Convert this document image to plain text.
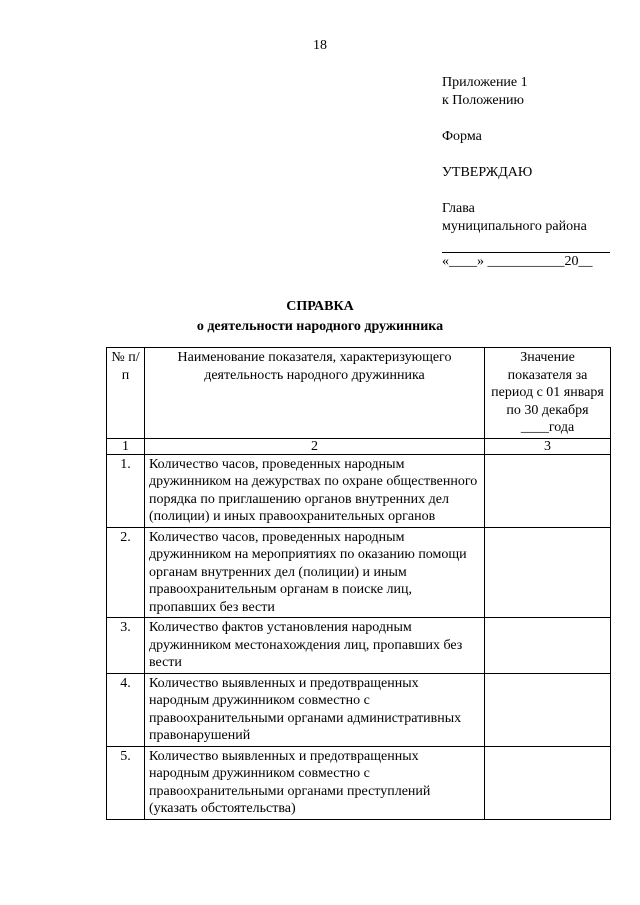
18
Приложение 1
к Положению
Форма
УТВЕРЖДАЮ
Глава
муниципального района
«____» ___________20__
СПРАВКА
о деятельности народного дружинника
№ п/п	Наименование показателя, характеризующего деятельность народного дружинника	Значение показателя за период с 01 января по 30 декабря ____года
1	2	3
1.	Количество часов, проведенных народным дружинником на дежурствах по охране общественного порядка по приглашению органов внутренних дел (полиции) и иных правоохранительных органов	
2.	Количество часов, проведенных народным дружинником на мероприятиях по оказанию помощи органам внутренних дел (полиции) и иным правоохранительным органам в поиске лиц, пропавших без вести	
3.	Количество фактов установления народным дружинником местонахождения лиц, пропавших без вести	
4.	Количество выявленных и предотвращенных народным дружинником совместно с правоохранительными органами административных правонарушений	
5.	Количество выявленных и предотвращенных народным дружинником совместно с правоохранительными органами преступлений (указать обстоятельства)	
